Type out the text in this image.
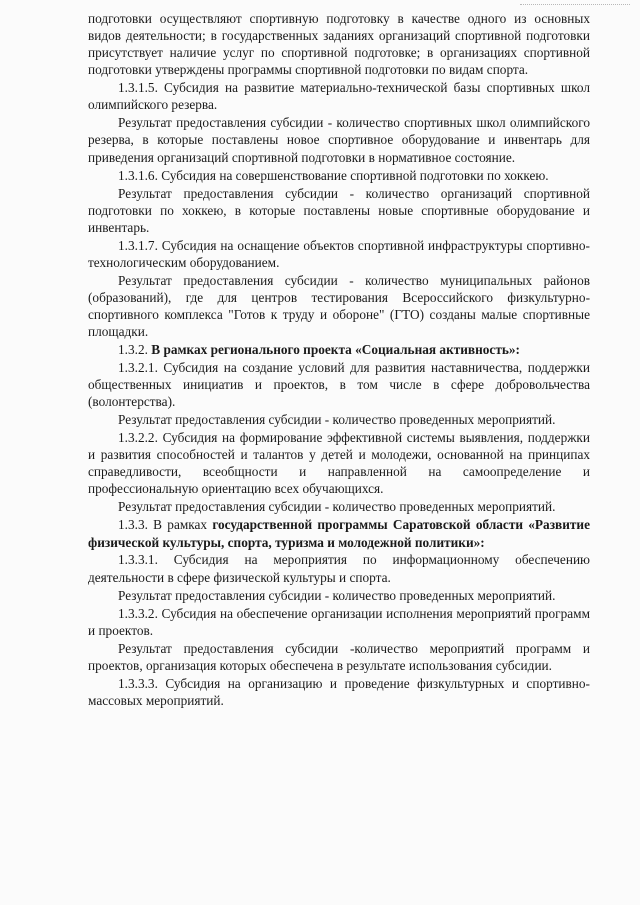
подготовки осуществляют спортивную подготовку в качестве одного из основных видов деятельности; в государственных заданиях организаций спортивной подготовки присутствует наличие услуг по спортивной подготовке; в организациях спортивной подготовки утверждены программы спортивной подготовки по видам спорта.

1.3.1.5. Субсидия на развитие материально-технической базы спортивных школ олимпийского резерва.

Результат предоставления субсидии - количество спортивных школ олимпийского резерва, в которые поставлены новое спортивное оборудование и инвентарь для приведения организаций спортивной подготовки в нормативное состояние.

1.3.1.6. Субсидия на совершенствование спортивной подготовки по хоккею.

Результат предоставления субсидии - количество организаций спортивной подготовки по хоккею, в которые поставлены новые спортивные оборудование и инвентарь.

1.3.1.7. Субсидия на оснащение объектов спортивной инфраструктуры спортивно-технологическим оборудованием.

Результат предоставления субсидии - количество муниципальных районов (образований), где для центров тестирования Всероссийского физкультурно-спортивного комплекса "Готов к труду и обороне" (ГТО) созданы малые спортивные площадки.

1.3.2. В рамках регионального проекта «Социальная активность»:

1.3.2.1. Субсидия на создание условий для развития наставничества, поддержки общественных инициатив и проектов, в том числе в сфере добровольчества (волонтерства).

Результат предоставления субсидии - количество проведенных мероприятий.

1.3.2.2. Субсидия на формирование эффективной системы выявления, поддержки и развития способностей и талантов у детей и молодежи, основанной на принципах справедливости, всеобщности и направленной на самоопределение и профессиональную ориентацию всех обучающихся.

Результат предоставления субсидии - количество проведенных мероприятий.

1.3.3. В рамках государственной программы Саратовской области «Развитие физической культуры, спорта, туризма и молодежной политики»:

1.3.3.1. Субсидия на мероприятия по информационному обеспечению деятельности в сфере физической культуры и спорта.

Результат предоставления субсидии - количество проведенных мероприятий.

1.3.3.2. Субсидия на обеспечение организации исполнения мероприятий программ и проектов.

Результат предоставления субсидии -количество мероприятий программ и проектов, организация которых обеспечена в результате использования субсидии.

1.3.3.3. Субсидия на организацию и проведение физкультурных и спортивно-массовых мероприятий.
